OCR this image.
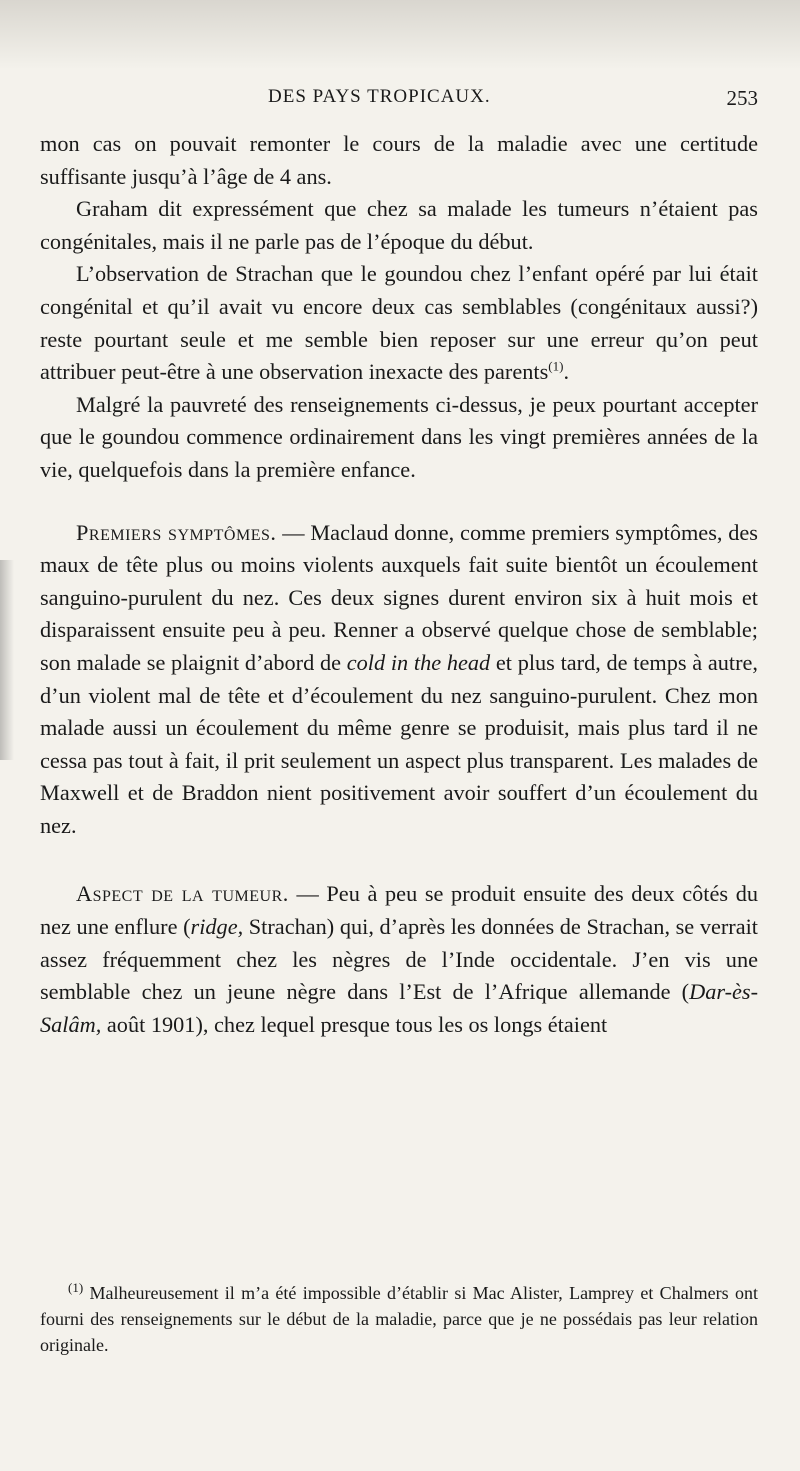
DES PAYS TROPICAUX.	253

mon cas on pouvait remonter le cours de la maladie avec une certitude suffisante jusqu’à l’âge de 4 ans.

Graham dit expressément que chez sa malade les tumeurs n’étaient pas congénitales, mais il ne parle pas de l’époque du début.

L’observation de Strachan que le goundou chez l’enfant opéré par lui était congénital et qu’il avait vu encore deux cas semblables (congénitaux aussi?) reste pourtant seule et me semble bien reposer sur une erreur qu’on peut attribuer peut-être à une observation inexacte des parents$^{(1)}$.

Malgré la pauvreté des renseignements ci-dessus, je peux pourtant accepter que le goundou commence ordinairement dans les vingt premières années de la vie, quelquefois dans la première enfance.

Premiers symptômes. — Maclaud donne, comme premiers symptômes, des maux de tête plus ou moins violents auxquels fait suite bientôt un écoulement sanguino-purulent du nez. Ces deux signes durent environ six à huit mois et disparaissent ensuite peu à peu. Renner a observé quelque chose de semblable; son malade se plaignit d’abord de cold in the head et plus tard, de temps à autre, d’un violent mal de tête et d’écoulement du nez sanguino-purulent. Chez mon malade aussi un écoulement du même genre se produisit, mais plus tard il ne cessa pas tout à fait, il prit seulement un aspect plus transparent. Les malades de Maxwell et de Braddon nient positivement avoir souffert d’un écoulement du nez.

Aspect de la tumeur. — Peu à peu se produit ensuite des deux côtés du nez une enflure (ridge, Strachan) qui, d’après les données de Strachan, se verrait assez fréquemment chez les nègres de l’Inde occidentale. J’en vis une semblable chez un jeune nègre dans l’Est de l’Afrique allemande (Dar-ès-Salâm, août 1901), chez lequel presque tous les os longs étaient

$^{(1)}$ Malheureusement il m’a été impossible d’établir si Mac Alister, Lamprey et Chalmers ont fourni des renseignements sur le début de la maladie, parce que je ne possédais pas leur relation originale.
